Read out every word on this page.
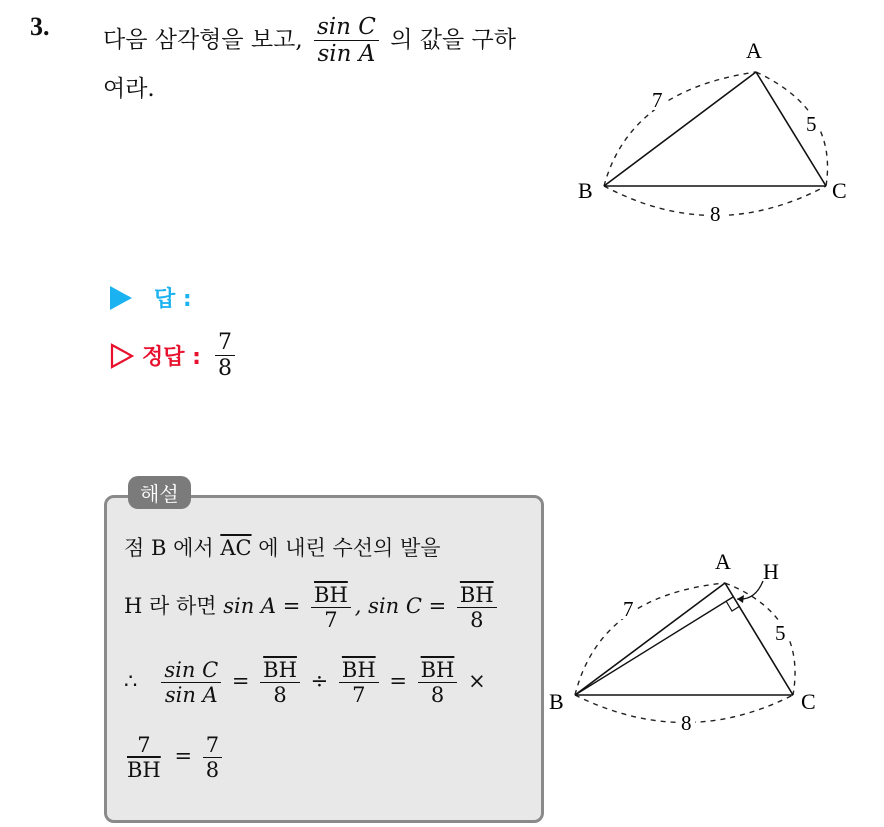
3. 다음 삼각형을 보고, $\frac{\text{sin C}}{\text{sin A}}$ 의 값을 구하
여라.
A
B	C
7
5
8
답 :
정답 : $\frac{7}{8}$
해설
점 B 에서 $\overline{AC}$ 에 내린 수선의 발을
H 라 하면 $\sin A = \frac{\overline{BH}}{7}$ , $\sin C = \frac{\overline{BH}}{8}$
∴ $\frac{\text{sin C}}{\text{sin A}} = \frac{\overline{BH}}{8} \div \frac{\overline{BH}}{7} = \frac{\overline{BH}}{8}$ ×
$\frac{7}{BH} = \frac{7}{8}$
A H
B	C
7
5
8
